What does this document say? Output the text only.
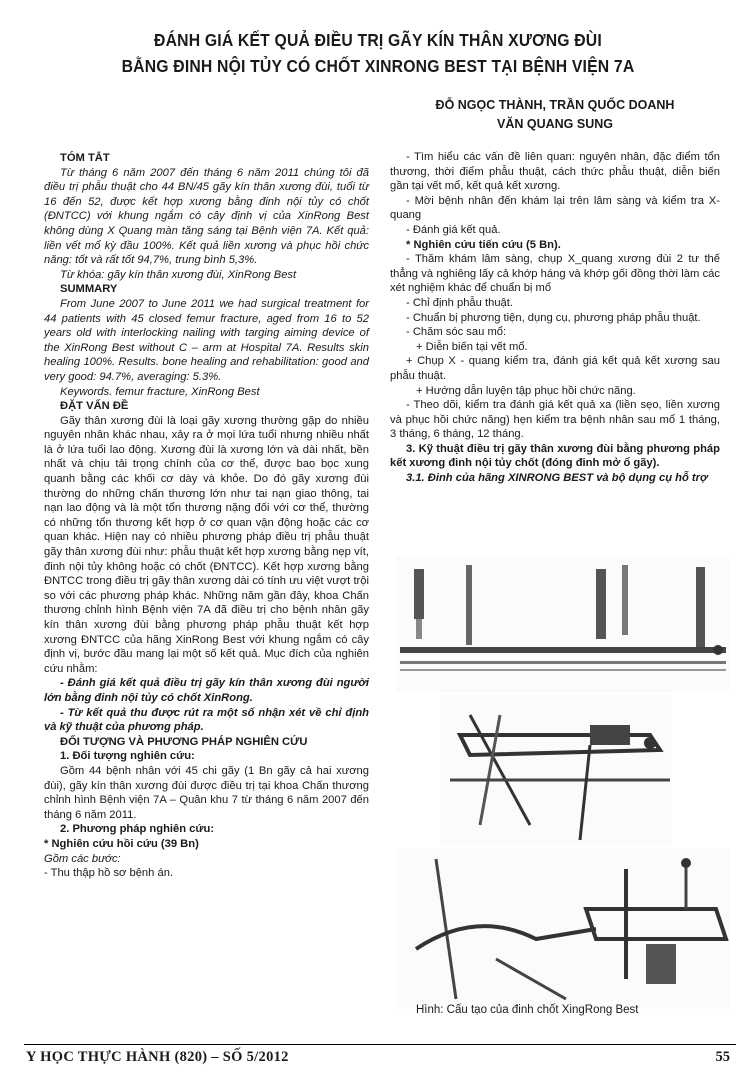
ĐÁNH GIÁ KẾT QUẢ ĐIỀU TRỊ GÃY KÍN THÂN XƯƠNG ĐÙI
BẰNG ĐINH NỘI TỦY CÓ CHỐT XINRONG BEST TẠI BỆNH VIỆN 7A
ĐỖ NGỌC THÀNH, TRẦN QUỐC DOANH
VĂN QUANG SUNG
TÓM TẮT

Từ tháng 6 năm 2007 đến tháng 6 năm 2011 chúng tôi đã điều trị phẫu thuật cho 44 BN/45 gãy kín thân xương đùi, tuổi từ 16 đến 52, được kết hợp xương bằng đinh nội tủy có chốt (ĐNTCC) với khung ngắm có cây định vị của XinRong Best không dùng X Quang màn tăng sáng tại Bệnh viện 7A. Kết quả: liền vết mổ kỳ đầu 100%. Kết quả liền xương và phục hồi chức năng: tốt và rất tốt 94,7%, trung bình 5,3%.

Từ khóa: gãy kín thân xương đùi, XinRong Best

SUMMARY

From June 2007 to June 2011 we had surgical treatment for 44 patients with 45 closed femur fracture, aged from 16 to 52 years old with interlocking nailing with targing aiming device of the XinRong Best without C – arm at Hospital 7A. Results skin healing 100%. Results. bone healing and rehabilitation: good and very good: 94.7%, averaging: 5.3%.

Keywords. femur fracture, XinRong Best

ĐẶT VẤN ĐỀ

Gãy thân xương đùi là loại gãy xương thường gặp do nhiều nguyên nhân khác nhau, xảy ra ở mọi lứa tuổi nhưng nhiều nhất là ở lứa tuổi lao động. Xương đùi là xương lớn và dài nhất, bền nhất và chịu tải trọng chính của cơ thể, được bao bọc xung quanh bằng các khối cơ dày và khỏe. Do đó gãy xương đùi thường do những chấn thương lớn như tai nạn giao thông, tai nạn lao động và là một tổn thương nặng đối với cơ thể, thường có những tổn thương kết hợp ở cơ quan vận động hoặc các cơ quan khác. Hiện nay có nhiều phương pháp điều trị phẫu thuật gãy thân xương đùi như: phẫu thuật kết hợp xương bằng nẹp vít, đinh nội tủy không hoặc có chốt (ĐNTCC). Kết hợp xương bằng ĐNTCC trong điều trị gãy thân xương dài có tính ưu việt vượt trội so với các phương pháp khác. Những năm gần đây, khoa Chấn thương chỉnh hình Bệnh viện 7A đã điều trị cho bệnh nhân gãy kín thân xương đùi bằng phương pháp phẫu thuật kết hợp xương ĐNTCC của hãng XinRong Best với khung ngắm có cây định vị, bước đầu mang lại một số kết quả. Mục đích của nghiên cứu nhằm:

- Đánh giá kết quả điều trị gãy kín thân xương đùi người lớn bằng đinh nội tủy có chốt XinRong.

- Từ kết quả thu được rút ra một số nhận xét về chỉ định và kỹ thuật của phương pháp.

ĐỐI TƯỢNG VÀ PHƯƠNG PHÁP NGHIÊN CỨU
1. Đối tượng nghiên cứu:

Gồm 44 bệnh nhân với 45 chi gãy (1 Bn gãy cả hai xương đùi), gãy kín thân xương đùi được điều trị tại khoa Chấn thương chỉnh hình Bệnh viện 7A – Quân khu 7 từ tháng 6 năm 2007 đến tháng 6 năm 2011.

2. Phương pháp nghiên cứu:

* Nghiên cứu hồi cứu (39 Bn)

Gồm các bước:

- Thu thập hồ sơ bệnh án.

- Tìm hiểu các vấn đề liên quan: nguyên nhân, đặc điểm tổn thương, thời điểm phẫu thuật, cách thức phẫu thuật, diễn biến gần tại vết mổ, kết quả kết xương.

- Mời bệnh nhân đến khám lại trên lâm sàng và kiểm tra X- quang

- Đánh giá kết quả.

* Nghiên cứu tiến cứu (5 Bn).

- Thăm khám lâm sàng, chụp X_quang xương đùi 2 tư thế thẳng và nghiêng lấy cả khớp háng và khớp gối đồng thời làm các xét nghiệm khác để chuẩn bị mổ

- Chỉ định phẫu thuật.

- Chuẩn bị phương tiện, dụng cụ, phương pháp phẫu thuật.

- Chăm sóc sau mổ:

+ Diễn biến tại vết mổ.

+ Chụp X - quang kiểm tra, đánh giá kết quả kết xương sau phẫu thuật.

+ Hướng dẫn luyện tập phục hồi chức năng.

- Theo dõi, kiểm tra đánh giá kết quả xa (liền sẹo, liền xương và phục hồi chức năng) hẹn kiểm tra bệnh nhân sau mổ 1 tháng, 3 tháng, 6 tháng, 12 tháng.

3. Kỹ thuật điều trị gãy thân xương đùi bằng phương pháp kết xương đinh nội tủy chốt (đóng đinh mở ổ gãy).

3.1. Đinh của hãng XINRONG BEST và bộ dụng cụ hỗ trợ

Hình: Cấu tạo của đinh chốt XingRong Best
Y HỌC THỰC HÀNH (820) – SỐ 5/2012	55
